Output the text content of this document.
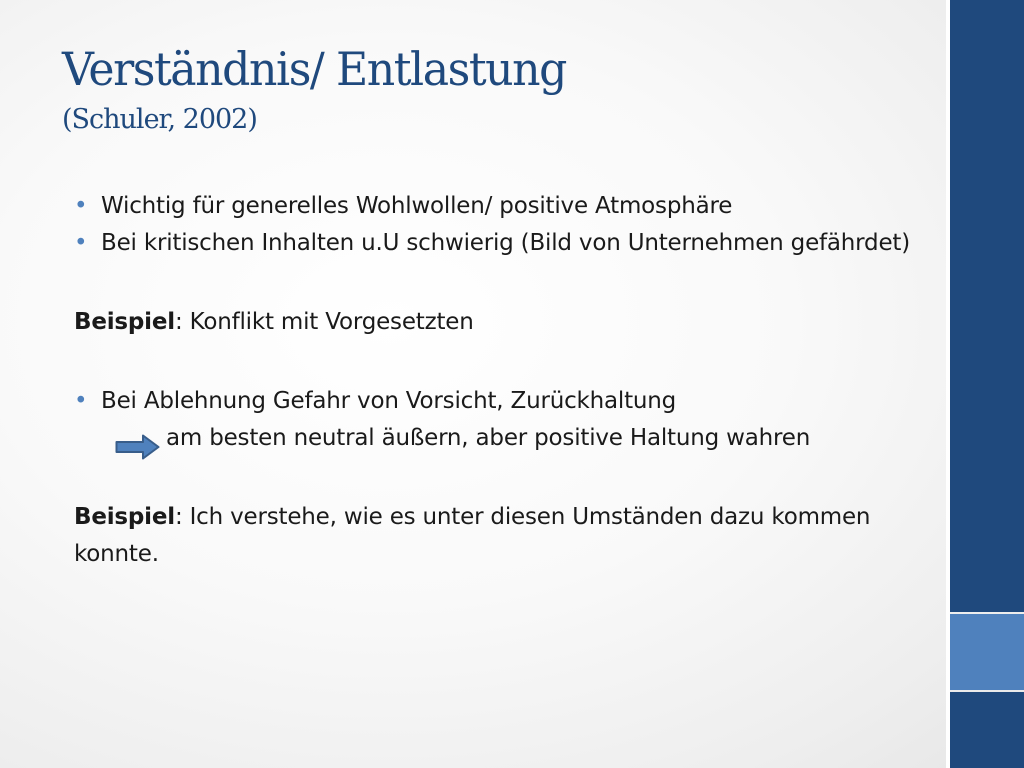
Verständnis/ Entlastung
(Schuler, 2002)
• Wichtig für generelles Wohlwollen/ positive Atmosphäre
• Bei kritischen Inhalten u.U schwierig (Bild von Unternehmen gefährdet)
Beispiel: Konflikt mit Vorgesetzten
• Bei Ablehnung Gefahr von Vorsicht, Zurückhaltung
am besten neutral äußern, aber positive Haltung wahren
Beispiel: Ich verstehe, wie es unter diesen Umständen dazu kommen konnte.
